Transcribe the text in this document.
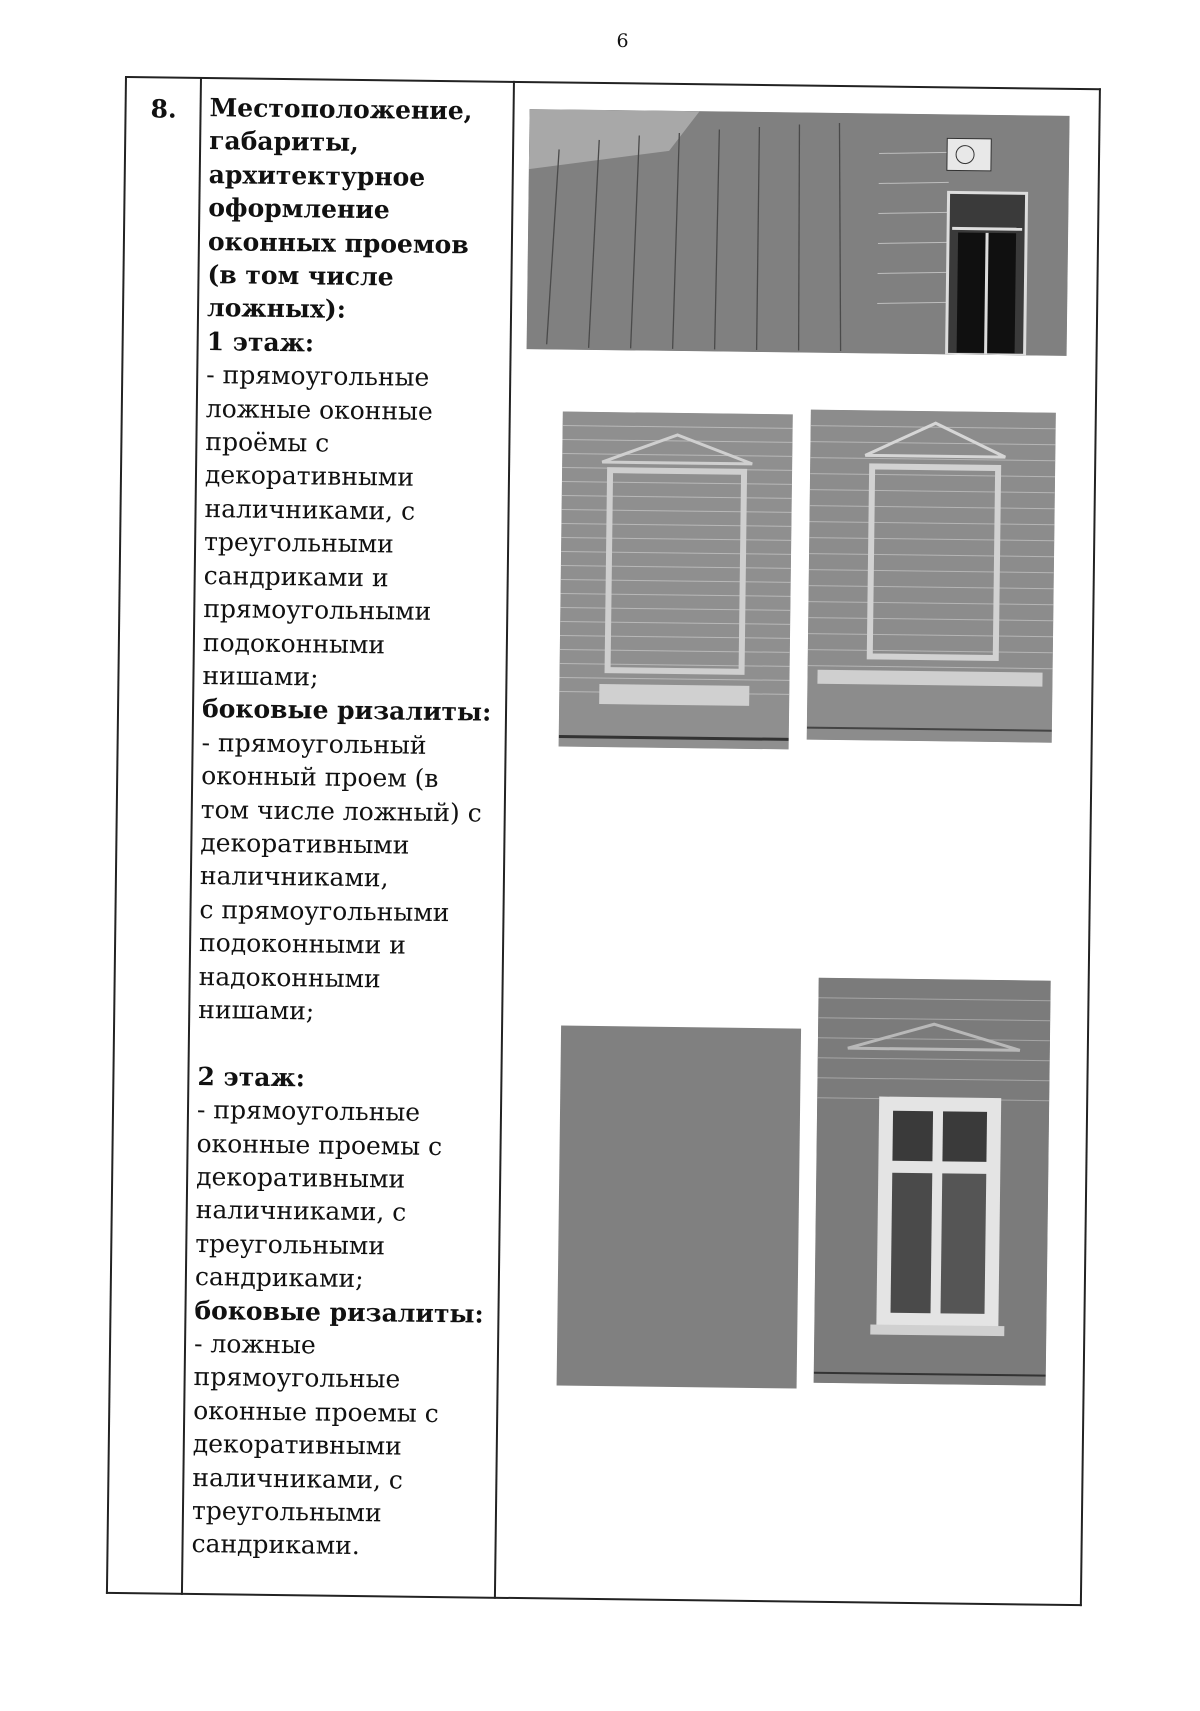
6
8. Местоположение,
габариты,
архитектурное
оформление
оконных проемов
(в том числе
ложных):
1 этаж:
- прямоугольные
ложные оконные
проёмы с
декоративными
наличниками, с
треугольными
сандриками и
прямоугольными
подоконными
нишами;
боковые ризалиты:
- прямоугольный
оконный проем (в
том числе ложный) с
декоративными
наличниками,
с прямоугольными
подоконными и
надоконными
нишами;
2 этаж:
- прямоугольные
оконные проемы с
декоративными
наличниками, с
треугольными
сандриками;
боковые ризалиты:
- ложные
прямоугольные
оконные проемы с
декоративными
наличниками, с
треугольными
сандриками.
